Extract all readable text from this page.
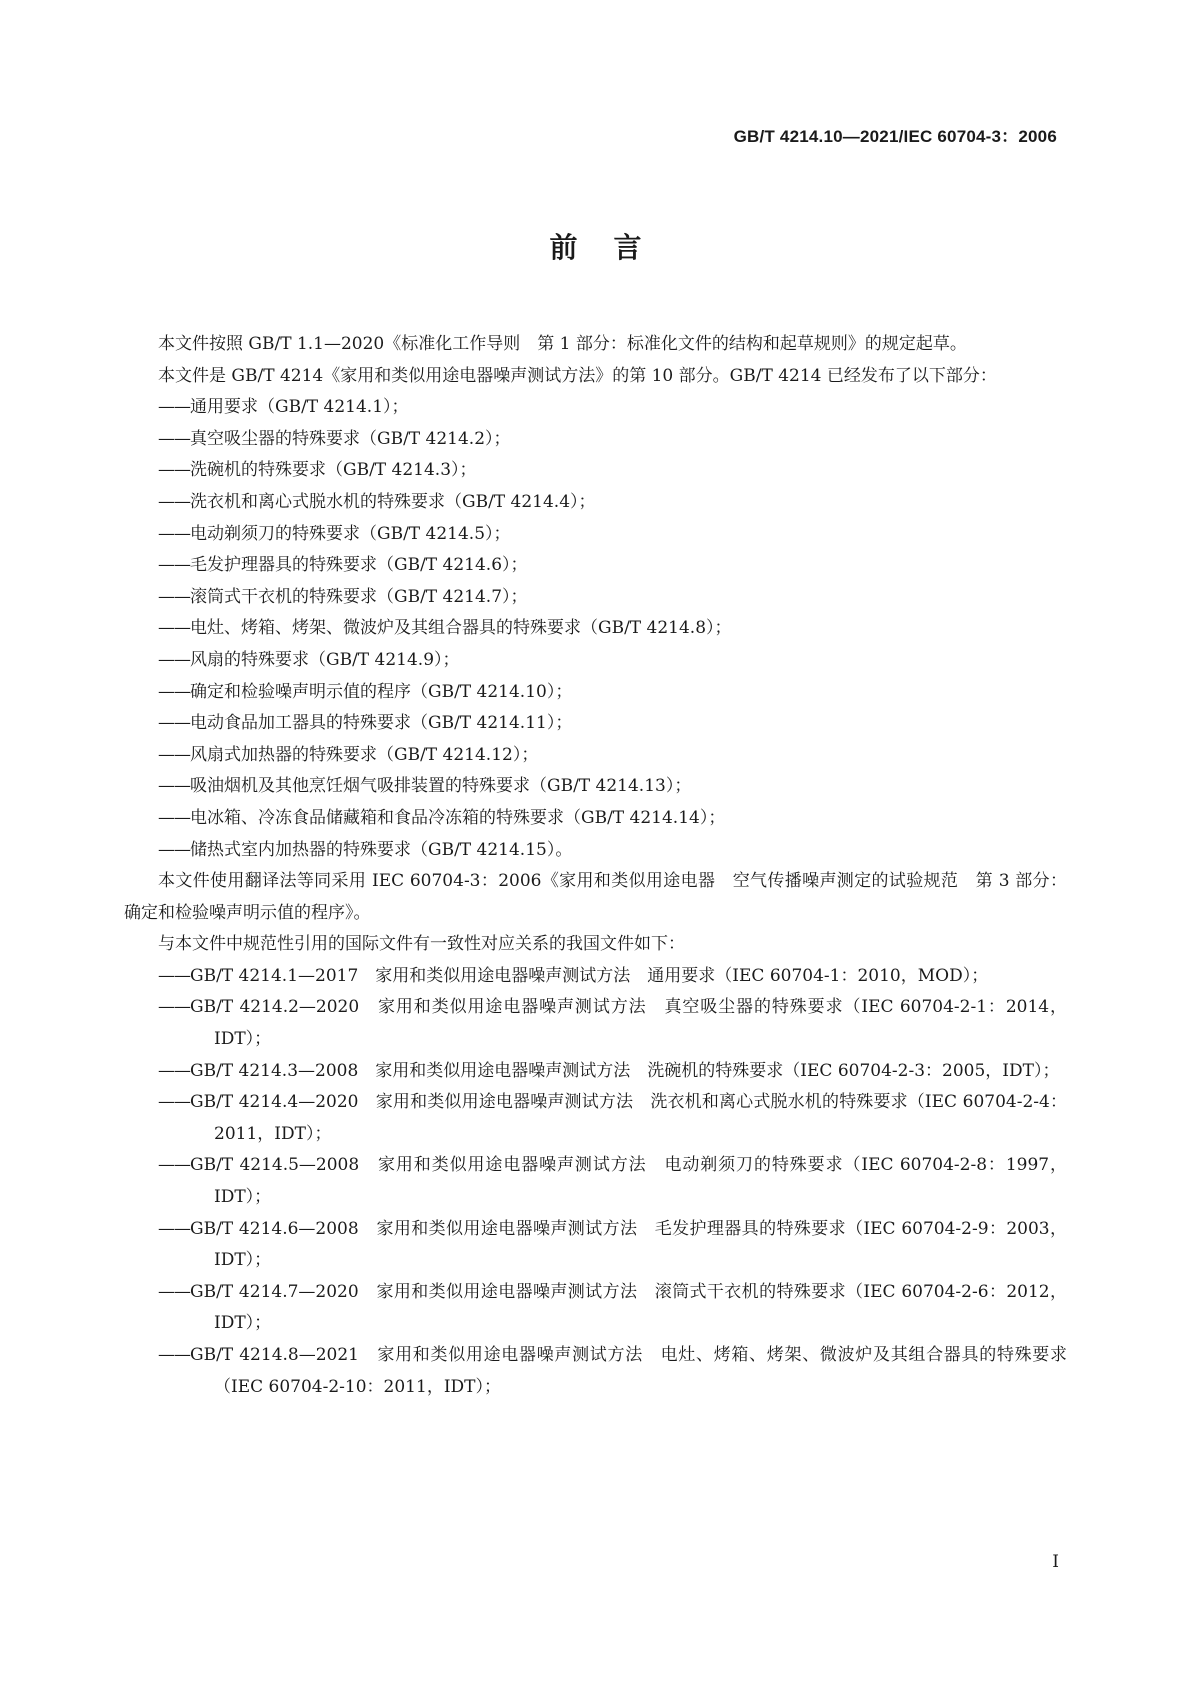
GB/T 4214.10—2021/IEC 60704-3：2006
前言

本文件按照 GB/T 1.1—2020《标准化工作导则　第 1 部分：标准化文件的结构和起草规则》的规定起草。

本文件是 GB/T 4214《家用和类似用途电器噪声测试方法》的第 10 部分。GB/T 4214 已经发布了以下部分：

——通用要求（GB/T 4214.1）；

——真空吸尘器的特殊要求（GB/T 4214.2）；

——洗碗机的特殊要求（GB/T 4214.3）；

——洗衣机和离心式脱水机的特殊要求（GB/T 4214.4）；

——电动剃须刀的特殊要求（GB/T 4214.5）；

——毛发护理器具的特殊要求（GB/T 4214.6）；

——滚筒式干衣机的特殊要求（GB/T 4214.7）；

——电灶、烤箱、烤架、微波炉及其组合器具的特殊要求（GB/T 4214.8）；

——风扇的特殊要求（GB/T 4214.9）；

——确定和检验噪声明示值的程序（GB/T 4214.10）；

——电动食品加工器具的特殊要求（GB/T 4214.11）；

——风扇式加热器的特殊要求（GB/T 4214.12）；

——吸油烟机及其他烹饪烟气吸排装置的特殊要求（GB/T 4214.13）；

——电冰箱、冷冻食品储藏箱和食品冷冻箱的特殊要求（GB/T 4214.14）；

——储热式室内加热器的特殊要求（GB/T 4214.15）。

本文件使用翻译法等同采用 IEC 60704-3：2006《家用和类似用途电器　空气传播噪声测定的试验规范　第 3 部分：确定和检验噪声明示值的程序》。

与本文件中规范性引用的国际文件有一致性对应关系的我国文件如下：

——GB/T 4214.1—2017　家用和类似用途电器噪声测试方法　通用要求（IEC 60704-1：2010，MOD）；

——GB/T 4214.2—2020　家用和类似用途电器噪声测试方法　真空吸尘器的特殊要求（IEC 60704-2-1：2014，IDT）；

——GB/T 4214.3—2008　家用和类似用途电器噪声测试方法　洗碗机的特殊要求（IEC 60704-2-3：2005，IDT）；

——GB/T 4214.4—2020　家用和类似用途电器噪声测试方法　洗衣机和离心式脱水机的特殊要求（IEC 60704-2-4：2011，IDT）；

——GB/T 4214.5—2008　家用和类似用途电器噪声测试方法　电动剃须刀的特殊要求（IEC 60704-2-8：1997，IDT）；

——GB/T 4214.6—2008　家用和类似用途电器噪声测试方法　毛发护理器具的特殊要求（IEC 60704-2-9：2003，IDT）；

——GB/T 4214.7—2020　家用和类似用途电器噪声测试方法　滚筒式干衣机的特殊要求（IEC 60704-2-6：2012，IDT）；

——GB/T 4214.8—2021　家用和类似用途电器噪声测试方法　电灶、烤箱、烤架、微波炉及其组合器具的特殊要求（IEC 60704-2-10：2011，IDT）；

I
